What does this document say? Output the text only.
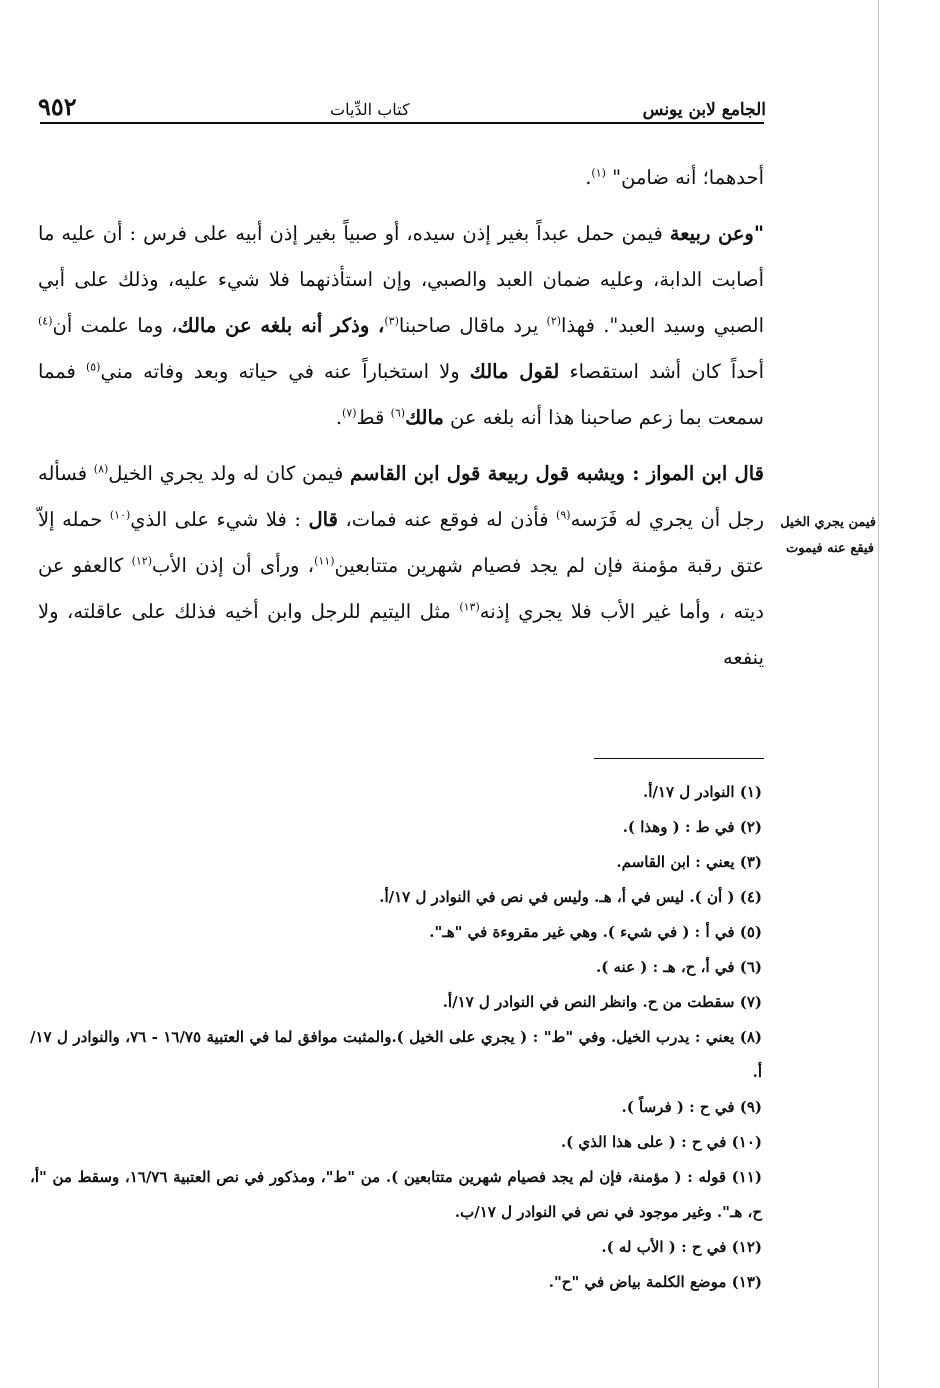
الجامع لابن يونس
كتاب الدِّيات
٩٥٢

أحدهما؛ أنه ضامن" $^{(١)}$.

"وعن ربيعة فيمن حمل عبداً بغير إذن سيده، أو صبياً بغير إذن أبيه على فرس : أن عليه ما أصابت الدابة، وعليه ضمان العبد والصبي، وإن استأذنهما فلا شيء عليه، وذلك على أبي الصبي وسيد العبد". فهذا$^{(٢)}$ يرد ماقال صاحبنا$^{(٣)}$، وذكر أنه بلغه عن مالك، وما علمت أن$^{(٤)}$ أحداً كان أشد استقصاء لقول مالك ولا استخباراً عنه في حياته وبعد وفاته مني$^{(٥)}$ فمما سمعت بما زعم صاحبنا هذا أنه بلغه عن مالك$^{(٦)}$ قط$^{(٧)}$.

قال ابن المواز : ويشبه قول ربيعة قول ابن القاسم فيمن كان له ولد يجري الخيل$^{(٨)}$ فسأله رجل أن يجري له فَرَسه$^{(٩)}$ فأذن له فوقع عنه فمات، قال : فلا شيء على الذي$^{(١٠)}$ حمله إلاّ عتق رقبة مؤمنة فإن لم يجد فصيام شهرين متتابعين$^{(١١)}$، ورأى أن إذن الأب$^{(١٢)}$ كالعفو عن ديته ، وأما غير الأب فلا يجري إذنه$^{(١٣)}$ مثل اليتيم للرجل وابن أخيه فذلك على عاقلته، ولا ينفعه

فيمن يجري الخيل
فيقع عنه فيموت

(١) النوادر ل ١٧/أ.

(٢) في ط : ( وهذا ).

(٣) يعني : ابن القاسم.

(٤) ( أن ). ليس في أ، هـ. وليس في نص في النوادر ل ١٧/أ.

(٥) في أ : ( في شيء ). وهي غير مقروءة في "هـ".

(٦) في أ، ح، هـ : ( عنه ).

(٧) سقطت من ح. وانظر النص في النوادر ل ١٧/أ.

(٨) يعني : يدرب الخيل. وفي "ط" : ( يجري على الخيل ).والمثبت موافق لما في العتبية ١٦/٧٥ - ٧٦، والنوادر ل ١٧/أ.

(٩) في ح : ( فرساً ).

(١٠) في ح : ( على هذا الذي ).

(١١) قوله : ( مؤمنة، فإن لم يجد فصيام شهرين متتابعين ). من "ط"، ومذكور في نص العتبية ١٦/٧٦، وسقط من "أ، ح، هـ". وغير موجود في نص في النوادر ل ١٧/ب.

(١٢) في ح : ( الأب له ).

(١٣) موضع الكلمة بياض في "ح".
